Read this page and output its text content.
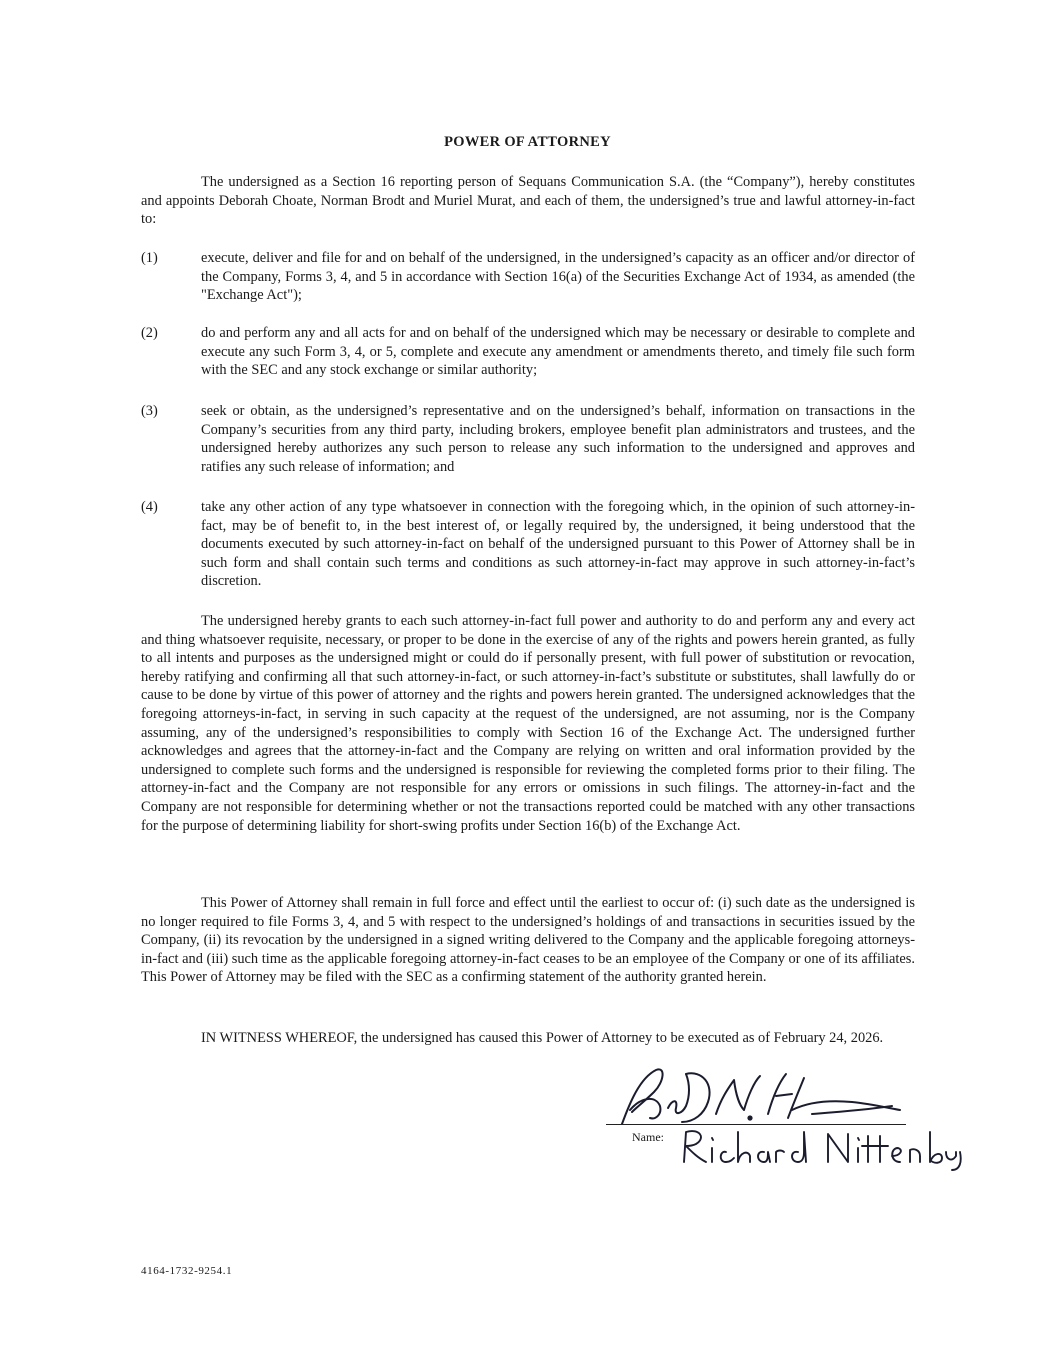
POWER OF ATTORNEY

The undersigned as a Section 16 reporting person of Sequans Communication S.A. (the “Company”), hereby constitutes and appoints Deborah Choate, Norman Brodt and Muriel Murat, and each of them, the undersigned’s true and lawful attorney-in-fact to:

(1)	execute, deliver and file for and on behalf of the undersigned, in the undersigned’s capacity as an officer and/or director of the Company, Forms 3, 4, and 5 in accordance with Section 16(a) of the Securities Exchange Act of 1934, as amended (the "Exchange Act");

(2)	do and perform any and all acts for and on behalf of the undersigned which may be necessary or desirable to complete and execute any such Form 3, 4, or 5, complete and execute any amendment or amendments thereto, and timely file such form with the SEC and any stock exchange or similar authority;

(3)	seek or obtain, as the undersigned’s representative and on the undersigned’s behalf, information on transactions in the Company’s securities from any third party, including brokers, employee benefit plan administrators and trustees, and the undersigned hereby authorizes any such person to release any such information to the undersigned and approves and ratifies any such release of information; and

(4)	take any other action of any type whatsoever in connection with the foregoing which, in the opinion of such attorney-in-fact, may be of benefit to, in the best interest of, or legally required by, the undersigned, it being understood that the documents executed by such attorney-in-fact on behalf of the undersigned pursuant to this Power of Attorney shall be in such form and shall contain such terms and conditions as such attorney-in-fact may approve in such attorney-in-fact’s discretion.

The undersigned hereby grants to each such attorney-in-fact full power and authority to do and perform any and every act and thing whatsoever requisite, necessary, or proper to be done in the exercise of any of the rights and powers herein granted, as fully to all intents and purposes as the undersigned might or could do if personally present, with full power of substitution or revocation, hereby ratifying and confirming all that such attorney-in-fact, or such attorney-in-fact’s substitute or substitutes, shall lawfully do or cause to be done by virtue of this power of attorney and the rights and powers herein granted. The undersigned acknowledges that the foregoing attorneys-in-fact, in serving in such capacity at the request of the undersigned, are not assuming, nor is the Company assuming, any of the undersigned’s responsibilities to comply with Section 16 of the Exchange Act. The undersigned further acknowledges and agrees that the attorney-in-fact and the Company are relying on written and oral information provided by the undersigned to complete such forms and the undersigned is responsible for reviewing the completed forms prior to their filing. The attorney-in-fact and the Company are not responsible for any errors or omissions in such filings. The attorney-in-fact and the Company are not responsible for determining whether or not the transactions reported could be matched with any other transactions for the purpose of determining liability for short-swing profits under Section 16(b) of the Exchange Act.

This Power of Attorney shall remain in full force and effect until the earliest to occur of: (i) such date as the undersigned is no longer required to file Forms 3, 4, and 5 with respect to the undersigned’s holdings of and transactions in securities issued by the Company, (ii) its revocation by the undersigned in a signed writing delivered to the Company and the applicable foregoing attorneys-in-fact and (iii) such time as the applicable foregoing attorney-in-fact ceases to be an employee of the Company or one of its affiliates. This Power of Attorney may be filed with the SEC as a confirming statement of the authority granted herein.

IN WITNESS WHEREOF, the undersigned has caused this Power of Attorney to be executed as of February 24, 2026.

Name:
4164-1732-9254.1
